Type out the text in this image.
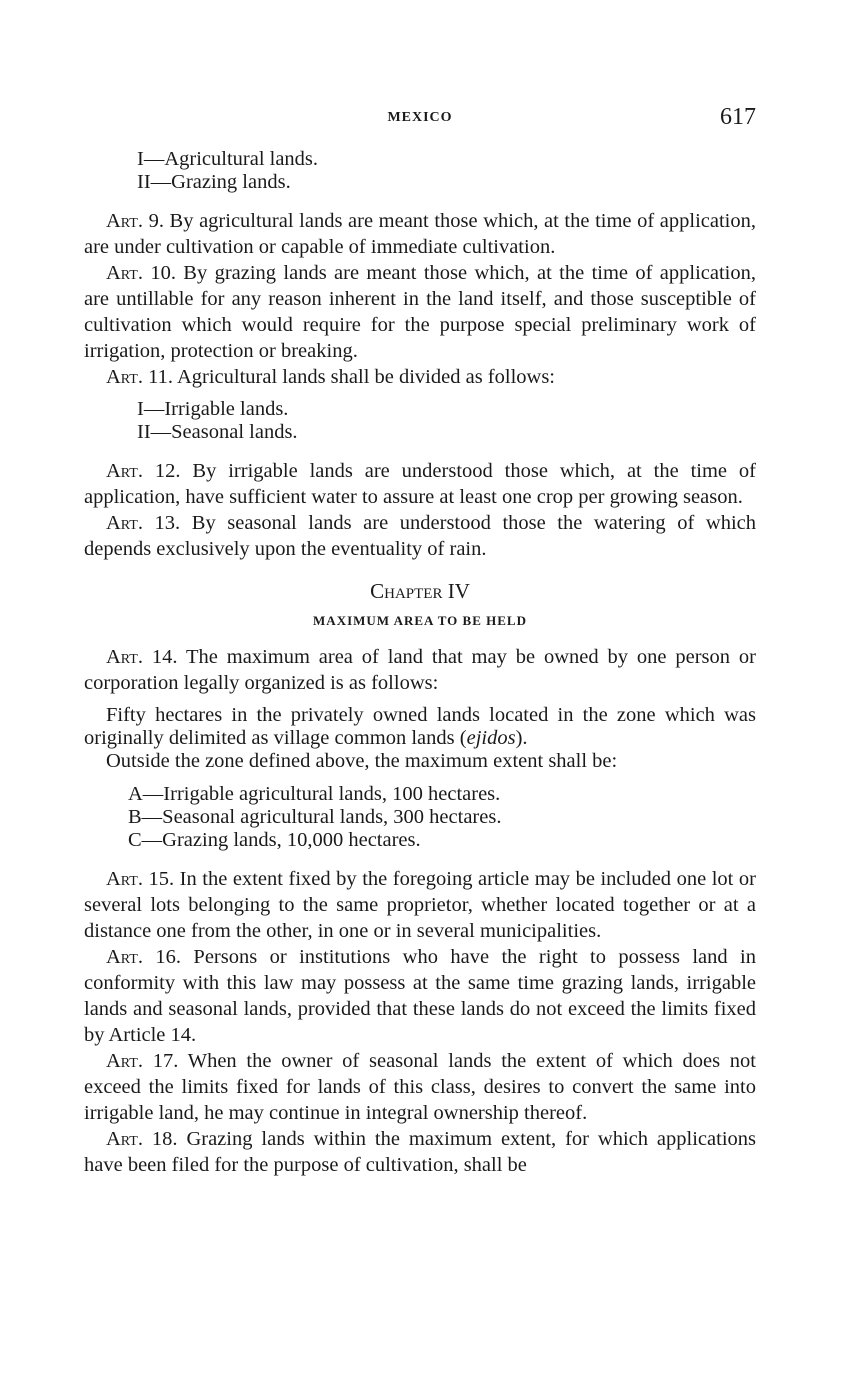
MEXICO	617
I—Agricultural lands.
II—Grazing lands.

Art. 9. By agricultural lands are meant those which, at the time of application, are under cultivation or capable of immediate cultivation.

Art. 10. By grazing lands are meant those which, at the time of application, are untillable for any reason inherent in the land itself, and those susceptible of cultivation which would require for the purpose special preliminary work of irrigation, protection or breaking.

Art. 11. Agricultural lands shall be divided as follows:

I—Irrigable lands.
II—Seasonal lands.

Art. 12. By irrigable lands are understood those which, at the time of application, have sufficient water to assure at least one crop per growing season.

Art. 13. By seasonal lands are understood those the watering of which depends exclusively upon the eventuality of rain.

Chapter IV
MAXIMUM AREA TO BE HELD

Art. 14. The maximum area of land that may be owned by one person or corporation legally organized is as follows:

Fifty hectares in the privately owned lands located in the zone which was originally delimited as village common lands (ejidos).

Outside the zone defined above, the maximum extent shall be:

A—Irrigable agricultural lands, 100 hectares.
B—Seasonal agricultural lands, 300 hectares.
C—Grazing lands, 10,000 hectares.

Art. 15. In the extent fixed by the foregoing article may be included one lot or several lots belonging to the same proprietor, whether located together or at a distance one from the other, in one or in several municipalities.

Art. 16. Persons or institutions who have the right to possess land in conformity with this law may possess at the same time grazing lands, irrigable lands and seasonal lands, provided that these lands do not exceed the limits fixed by Article 14.

Art. 17. When the owner of seasonal lands the extent of which does not exceed the limits fixed for lands of this class, desires to convert the same into irrigable land, he may continue in integral ownership thereof.

Art. 18. Grazing lands within the maximum extent, for which applications have been filed for the purpose of cultivation, shall be
